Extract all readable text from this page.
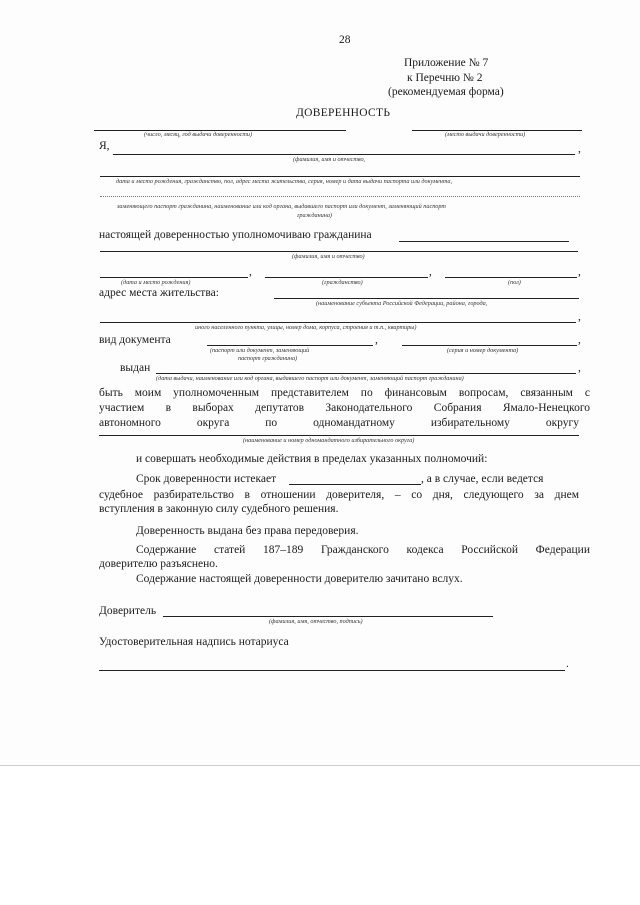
28
Приложение № 7
к Перечню № 2
(рекомендуемая форма)
ДОВЕРЕННОСТЬ
(число, месяц, год выдачи доверенности)	(место выдачи доверенности)
Я,	,
(фамилия, имя и отчество,
дата и место рождения, гражданство, пол, адрес места жительства, серия, номер и дата выдачи паспорта или документа,
заменяющего паспорт гражданина, наименование или код органа, выдавшего паспорт или документ, заменяющий паспорт
гражданина)
настоящей доверенностью уполномочиваю гражданина
(фамилия, имя и отчество)
,	,	,
(дата и место рождения)	(гражданство)	(пол)
адрес места жительства:
(наименование субъекта Российской Федерации, района, города,
,
иного населенного пункта, улицы, номер дома, корпуса, строения и т.п., квартиры)
вид документа	,	,
(паспорт или документ, заменяющий
паспорт гражданина)
(серия и номер документа)
выдан	,
(дата выдачи, наименование или код органа, выдавшего паспорт или документ, заменяющий паспорт гражданина)
быть моим уполномоченным представителем по финансовым вопросам, связанным с
участием в выборах депутатов Законодательного Собрания Ямало-Ненецкого
автономного округа по одномандатному избирательному округу
(наименование и номер одномандатного избирательного округа)
и совершать необходимые действия в пределах указанных полномочий:
Срок доверенности истекает	, а в случае, если ведется
судебное разбирательство в отношении доверителя, – со дня, следующего за днем
вступления в законную силу судебного решения.
Доверенность выдана без права передоверия.
Содержание статей 187–189 Гражданского кодекса Российской Федерации
доверителю разъяснено.
Содержание настоящей доверенности доверителю зачитано вслух.
Доверитель
(фамилия, имя, отчество, подпись)
Удостоверительная надпись нотариуса
.
